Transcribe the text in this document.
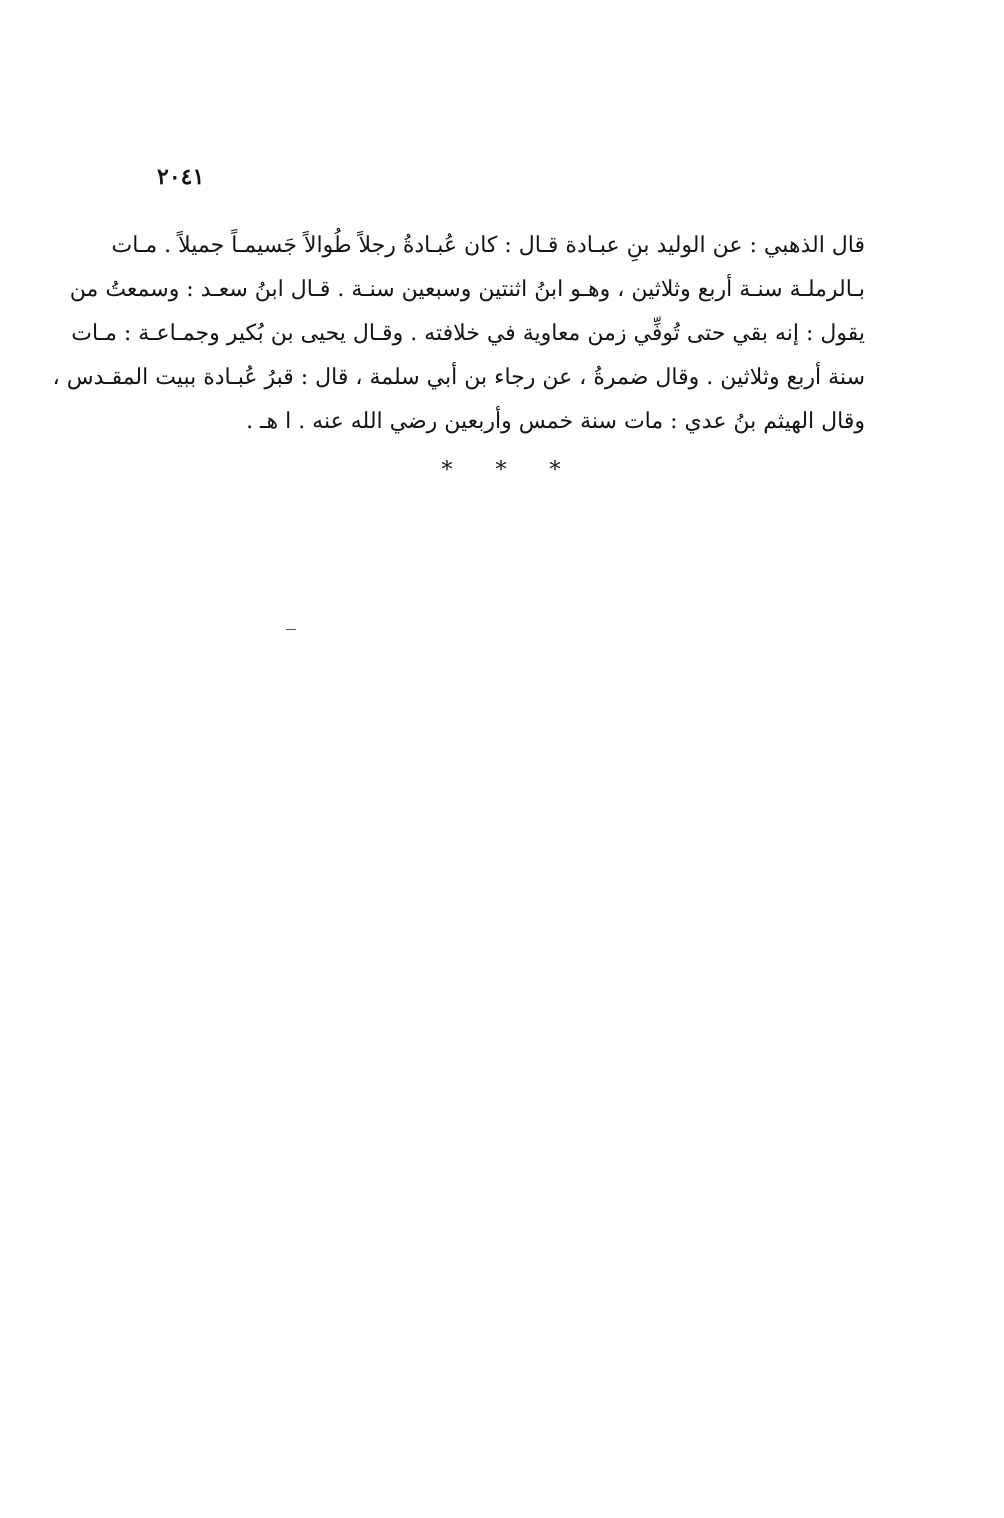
٢٠٤١
قال الذهبي : عن الوليد بنِ عبـادة قـال : كان عُبـادةُ رجلاً طُوالاً جَسيمـاً جميلاً . مـات
بـالرملـة سنـة أربع وثلاثين ، وهـو ابنُ اثنتين وسبعين سنـة . قـال ابنُ سعـد : وسمعتُ من
يقول : إنه بقي حتى تُوفِّي زمن معاوية في خلافته . وقـال يحيى بن بُكير وجمـاعـة : مـات
سنة أربع وثلاثين . وقال ضمرةُ ، عن رجاء بن أبي سلمة ، قال : قبرُ عُبـادة ببيت المقـدس ،
وقال الهيثم بنُ عدي : مات سنة خمس وأربعين رضي الله عنه . ا هـ .
* * *
